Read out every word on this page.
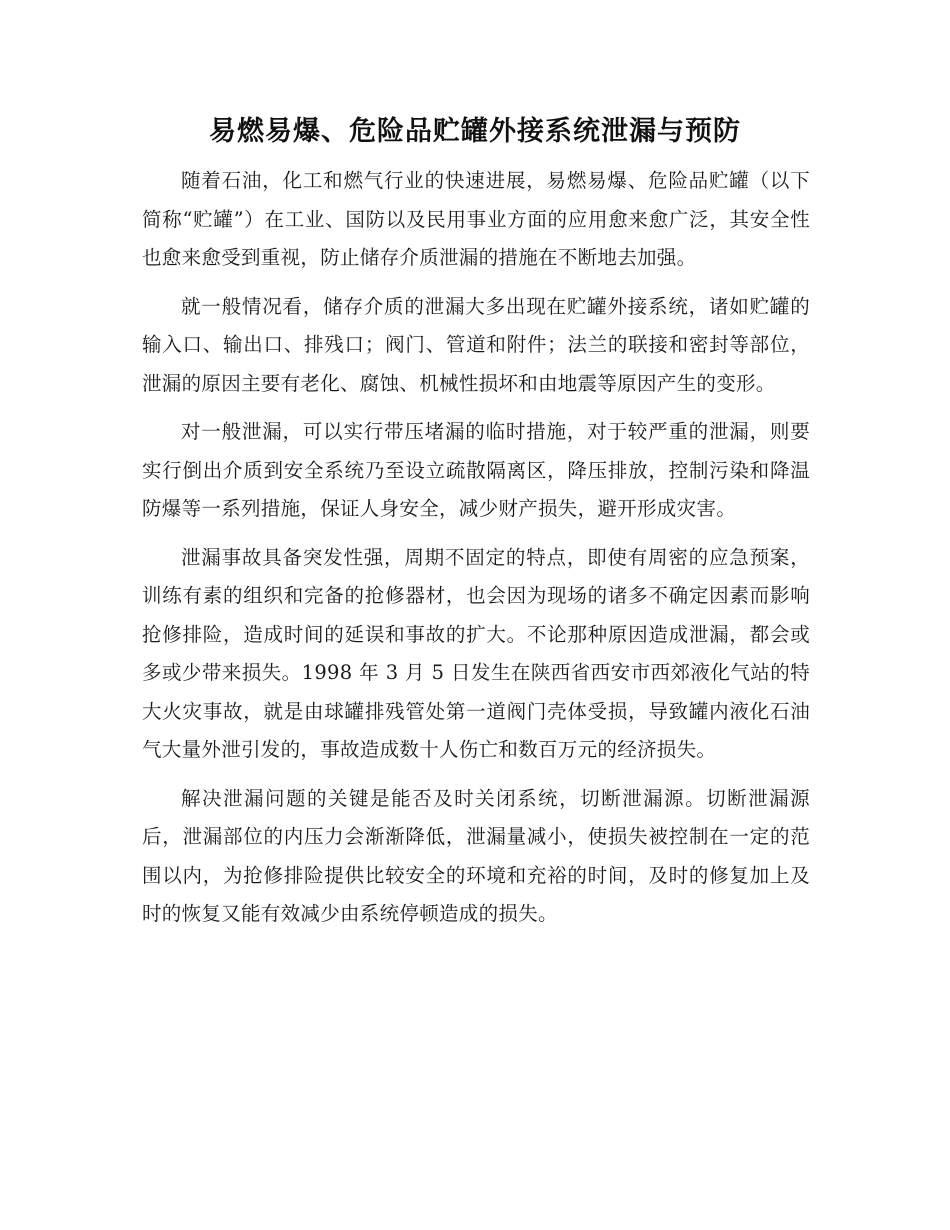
易燃易爆、危险品贮罐外接系统泄漏与预防

随着石油，化工和燃气行业的快速进展，易燃易爆、危险品贮罐（以下简称“贮罐”）在工业、国防以及民用事业方面的应用愈来愈广泛，其安全性也愈来愈受到重视，防止储存介质泄漏的措施在不断地去加强。

就一般情况看，储存介质的泄漏大多出现在贮罐外接系统，诸如贮罐的输入口、输出口、排残口；阀门、管道和附件；法兰的联接和密封等部位，泄漏的原因主要有老化、腐蚀、机械性损坏和由地震等原因产生的变形。

对一般泄漏，可以实行带压堵漏的临时措施，对于较严重的泄漏，则要实行倒出介质到安全系统乃至设立疏散隔离区，降压排放，控制污染和降温防爆等一系列措施，保证人身安全，减少财产损失，避开形成灾害。

泄漏事故具备突发性强，周期不固定的特点，即使有周密的应急预案，训练有素的组织和完备的抢修器材，也会因为现场的诸多不确定因素而影响抢修排险，造成时间的延误和事故的扩大。不论那种原因造成泄漏，都会或多或少带来损失。1998 年 3 月 5 日发生在陕西省西安市西郊液化气站的特大火灾事故，就是由球罐排残管处第一道阀门壳体受损，导致罐内液化石油气大量外泄引发的，事故造成数十人伤亡和数百万元的经济损失。

解决泄漏问题的关键是能否及时关闭系统，切断泄漏源。切断泄漏源后，泄漏部位的内压力会渐渐降低，泄漏量减小，使损失被控制在一定的范围以内，为抢修排险提供比较安全的环境和充裕的时间，及时的修复加上及时的恢复又能有效减少由系统停顿造成的损失。
